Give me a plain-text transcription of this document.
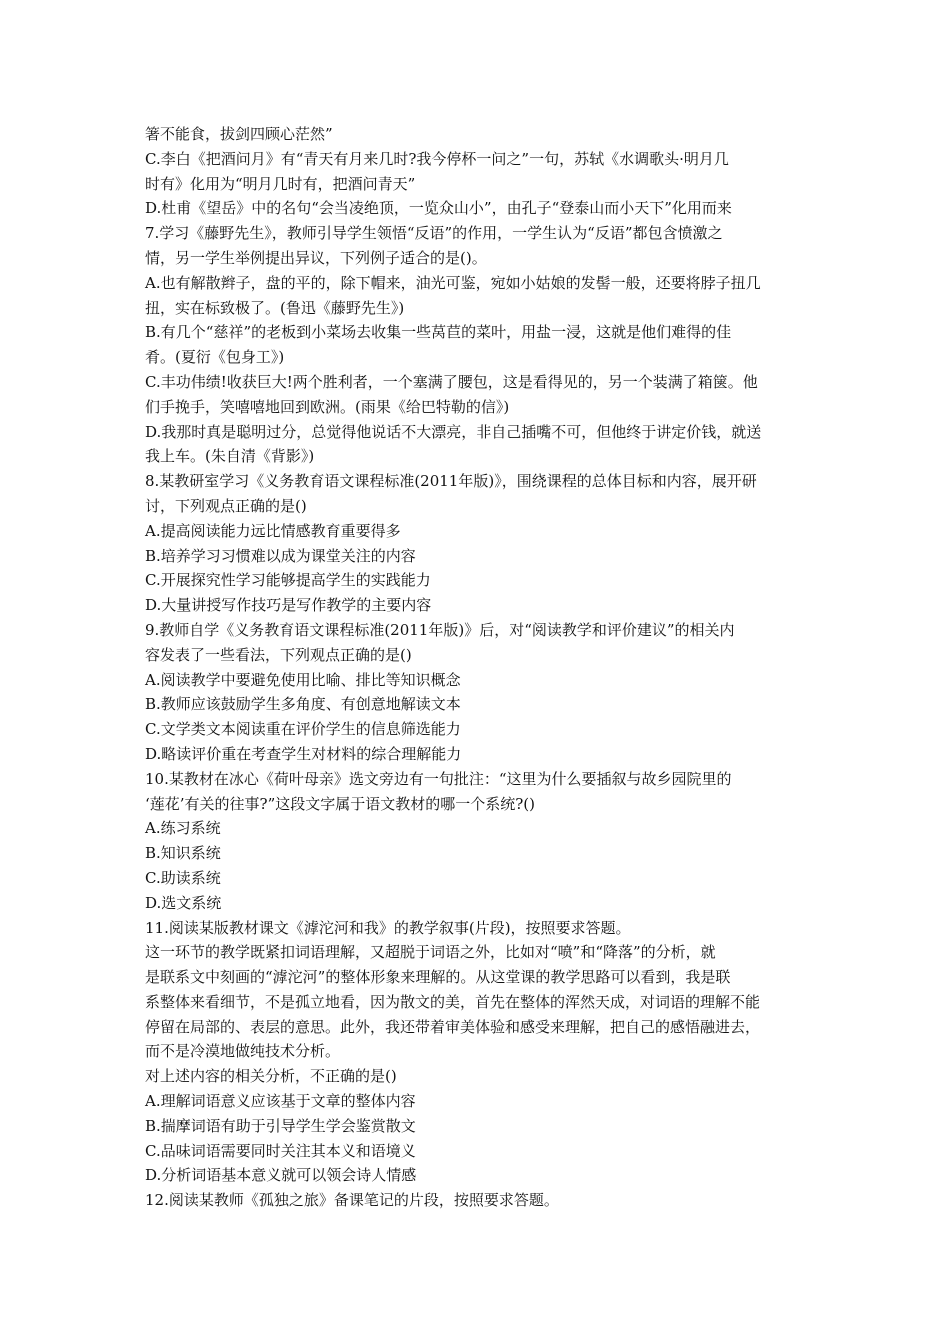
箸不能食，拔剑四顾心茫然”
C.李白《把酒问月》有“青天有月来几时?我今停杯一问之”一句，苏轼《水调歌头·明月几
时有》化用为“明月几时有，把酒问青天”
D.杜甫《望岳》中的名句“会当凌绝顶，一览众山小”，由孔子“登泰山而小天下”化用而来
7.学习《藤野先生》，教师引导学生领悟“反语”的作用，一学生认为“反语”都包含愤激之
情，另一学生举例提出异议，下列例子适合的是()。
A.也有解散辫子，盘的平的，除下帽来，油光可鉴，宛如小姑娘的发髻一般，还要将脖子扭几
扭，实在标致极了。(鲁迅《藤野先生》)
B.有几个“慈祥”的老板到小菜场去收集一些莴苣的菜叶，用盐一浸，这就是他们难得的佳
肴。(夏衍《包身工》)
C.丰功伟绩!收获巨大!两个胜利者，一个塞满了腰包，这是看得见的，另一个装满了箱箧。他
们手挽手，笑嘻嘻地回到欧洲。(雨果《给巴特勒的信》)
D.我那时真是聪明过分，总觉得他说话不大漂亮，非自己插嘴不可，但他终于讲定价钱，就送
我上车。(朱自清《背影》)
8.某教研室学习《义务教育语文课程标准(2011年版)》，围绕课程的总体目标和内容，展开研
讨，下列观点正确的是()
A.提高阅读能力远比情感教育重要得多
B.培养学习习惯难以成为课堂关注的内容
C.开展探究性学习能够提高学生的实践能力
D.大量讲授写作技巧是写作教学的主要内容
9.教师自学《义务教育语文课程标准(2011年版)》后，对“阅读教学和评价建议”的相关内
容发表了一些看法，下列观点正确的是()
A.阅读教学中要避免使用比喻、排比等知识概念
B.教师应该鼓励学生多角度、有创意地解读文本
C.文学类文本阅读重在评价学生的信息筛选能力
D.略读评价重在考查学生对材料的综合理解能力
10.某教材在冰心《荷叶母亲》选文旁边有一句批注：“这里为什么要插叙与故乡园院里的
‘莲花’有关的往事?”这段文字属于语文教材的哪一个系统?()
A.练习系统
B.知识系统
C.助读系统
D.选文系统
11.阅读某版教材课文《滹沱河和我》的教学叙事(片段)，按照要求答题。
这一环节的教学既紧扣词语理解，又超脱于词语之外，比如对“喷”和“降落”的分析，就
是联系文中刻画的“滹沱河”的整体形象来理解的。从这堂课的教学思路可以看到，我是联
系整体来看细节，不是孤立地看，因为散文的美，首先在整体的浑然天成，对词语的理解不能
停留在局部的、表层的意思。此外，我还带着审美体验和感受来理解，把自己的感悟融进去，
而不是冷漠地做纯技术分析。
对上述内容的相关分析，不正确的是()
A.理解词语意义应该基于文章的整体内容
B.揣摩词语有助于引导学生学会鉴赏散文
C.品味词语需要同时关注其本义和语境义
D.分析词语基本意义就可以领会诗人情感
12.阅读某教师《孤独之旅》备课笔记的片段，按照要求答题。
